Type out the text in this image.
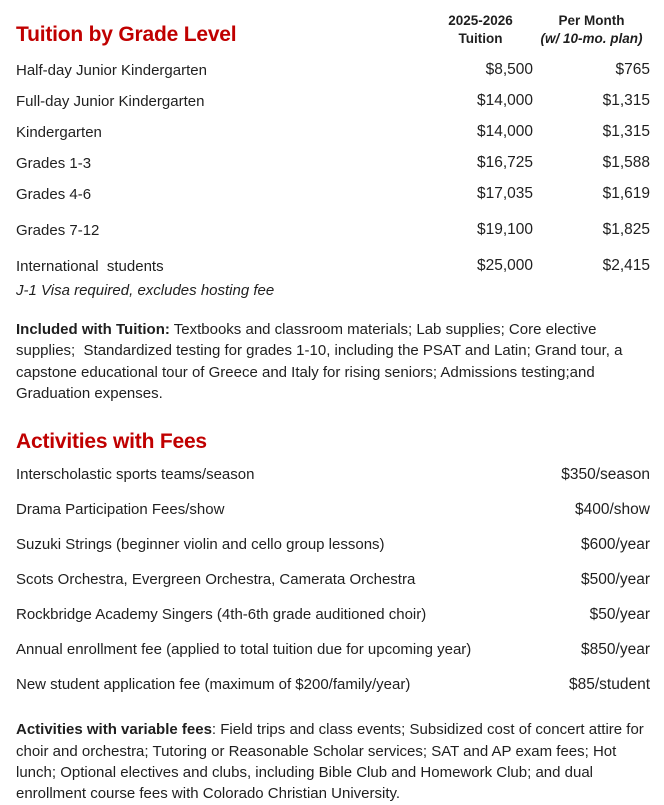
Tuition by Grade Level
2025-2026
Tuition
Per Month
(w/ 10-mo. plan)
Half-day Junior Kindergarten	$8,500	$765
Full-day Junior Kindergarten	$14,000	$1,315
Kindergarten	$14,000	$1,315
Grades 1-3	$16,725	$1,588
Grades 4-6	$17,035	$1,619
Grades 7-12	$19,100	$1,825
International  students	$25,000	$2,415
J-1 Visa required, excludes hosting fee

Included with Tuition: Textbooks and classroom materials; Lab supplies; Core elective supplies;  Standardized testing for grades 1-10, including the PSAT and Latin; Grand tour, a capstone educational tour of Greece and Italy for rising seniors; Admissions testing;and Graduation expenses.

Activities with Fees
Interscholastic sports teams/season	$350/season
Drama Participation Fees/show	$400/show
Suzuki Strings (beginner violin and cello group lessons)	$600/year
Scots Orchestra, Evergreen Orchestra, Camerata Orchestra	$500/year
Rockbridge Academy Singers (4th-6th grade auditioned choir)	$50/year
Annual enrollment fee (applied to total tuition due for upcoming year)	$850/year
New student application fee (maximum of $200/family/year)	$85/student

Activities with variable fees: Field trips and class events; Subsidized cost of concert attire for choir and orchestra; Tutoring or Reasonable Scholar services; SAT and AP exam fees; Hot lunch; Optional electives and clubs, including Bible Club and Homework Club; and dual enrollment course fees with Colorado Christian University.
